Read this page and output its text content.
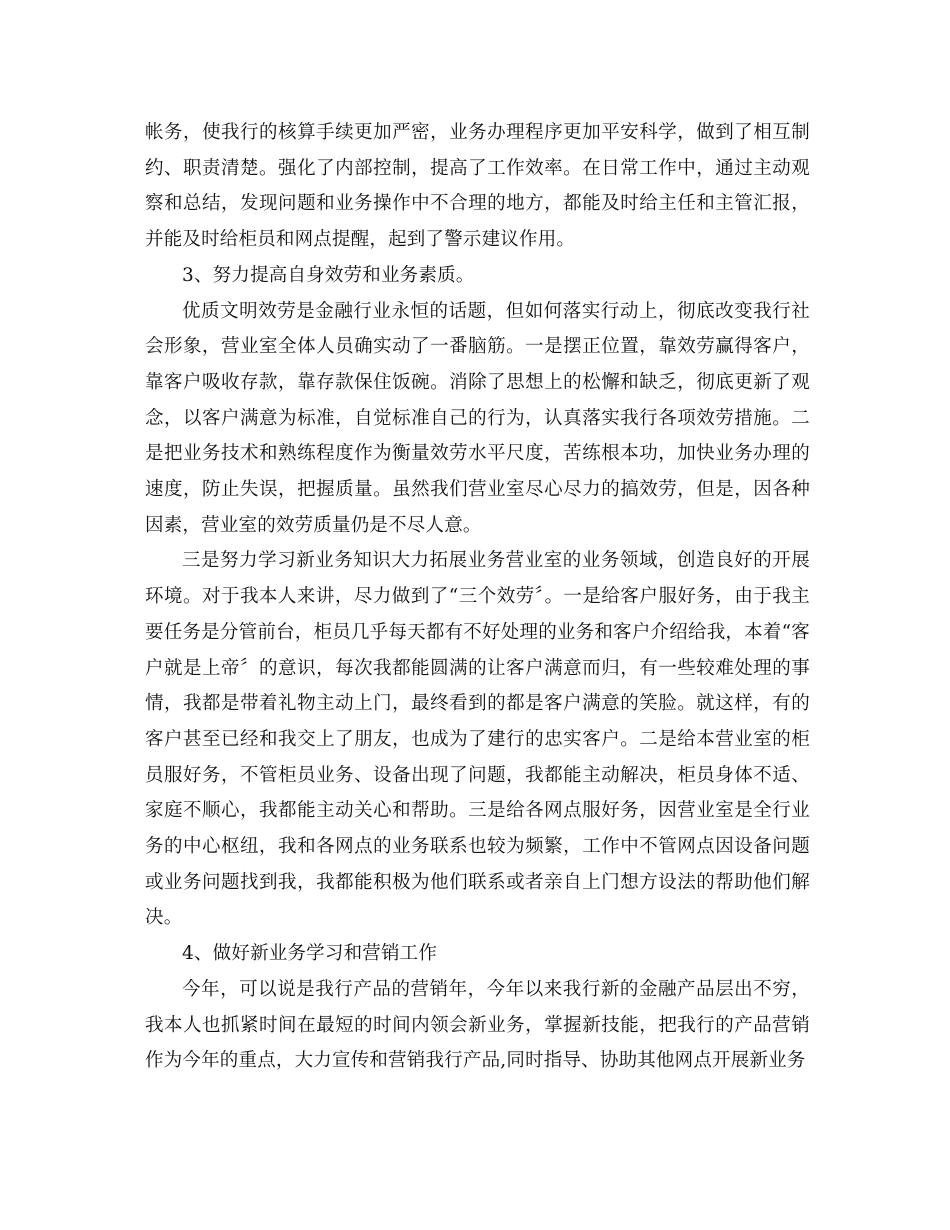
帐务，使我行的核算手续更加严密，业务办理程序更加平安科学，做到了相互制约、职责清楚。强化了内部控制，提高了工作效率。在日常工作中，通过主动观察和总结，发现问题和业务操作中不合理的地方，都能及时给主任和主管汇报，并能及时给柜员和网点提醒，起到了警示建议作用。

3、努力提高自身效劳和业务素质。

优质文明效劳是金融行业永恒的话题，但如何落实行动上，彻底改变我行社会形象，营业室全体人员确实动了一番脑筋。一是摆正位置，靠效劳赢得客户，靠客户吸收存款，靠存款保住饭碗。消除了思想上的松懈和缺乏，彻底更新了观念，以客户满意为标准，自觉标准自己的行为，认真落实我行各项效劳措施。二是把业务技术和熟练程度作为衡量效劳水平尺度，苦练根本功，加快业务办理的速度，防止失误，把握质量。虽然我们营业室尽心尽力的搞效劳，但是，因各种因素，营业室的效劳质量仍是不尽人意。

三是努力学习新业务知识大力拓展业务营业室的业务领域，创造良好的开展环境。对于我本人来讲，尽力做到了“三个效劳〞。一是给客户服好务，由于我主要任务是分管前台，柜员几乎每天都有不好处理的业务和客户介绍给我，本着“客户就是上帝〞的意识，每次我都能圆满的让客户满意而归，有一些较难处理的事情，我都是带着礼物主动上门，最终看到的都是客户满意的笑脸。就这样，有的客户甚至已经和我交上了朋友，也成为了建行的忠实客户。二是给本营业室的柜员服好务，不管柜员业务、设备出现了问题，我都能主动解决，柜员身体不适、家庭不顺心，我都能主动关心和帮助。三是给各网点服好务，因营业室是全行业务的中心枢纽，我和各网点的业务联系也较为频繁，工作中不管网点因设备问题或业务问题找到我，我都能积极为他们联系或者亲自上门想方设法的帮助他们解决。

4、做好新业务学习和营销工作

今年，可以说是我行产品的营销年，今年以来我行新的金融产品层出不穷，我本人也抓紧时间在最短的时间内领会新业务，掌握新技能，把我行的产品营销作为今年的重点，大力宣传和营销我行产品,同时指导、协助其他网点开展新业务
